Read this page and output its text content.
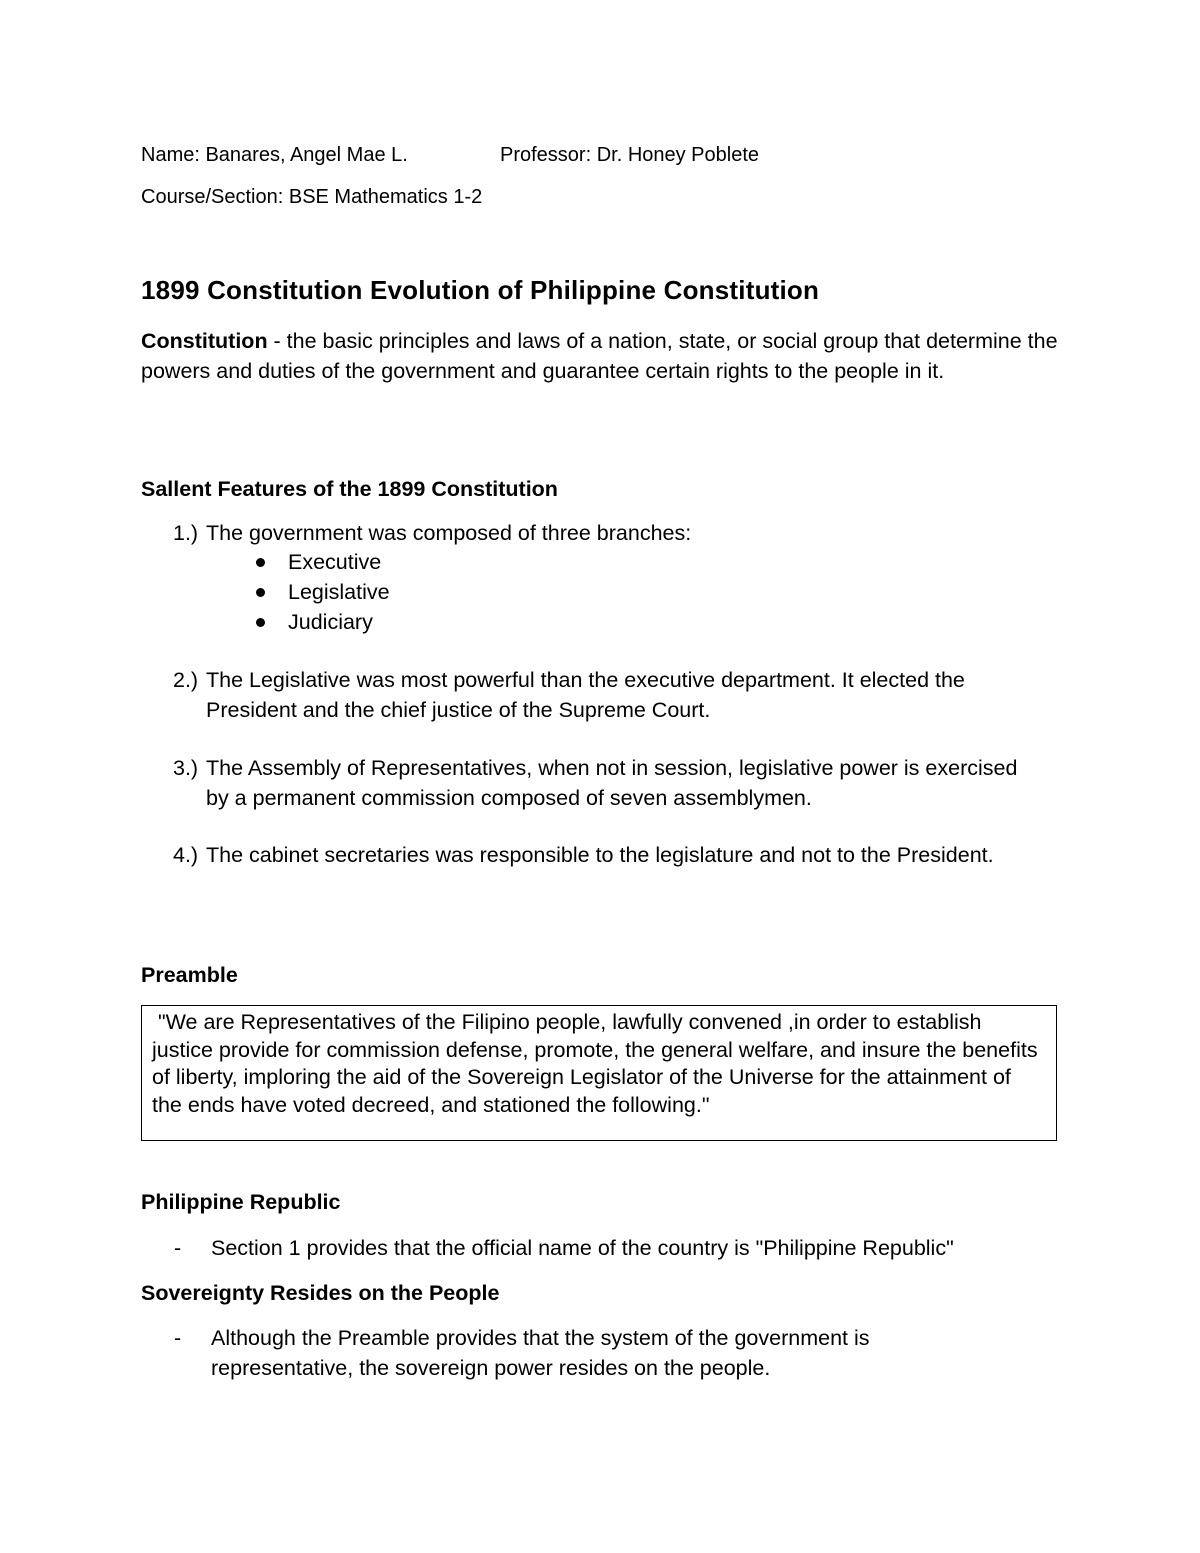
Name: Banares, Angel Mae L.	Professor: Dr. Honey Poblete

Course/Section: BSE Mathematics 1-2

1899 Constitution Evolution of Philippine Constitution

Constitution - the basic principles and laws of a nation, state, or social group that determine the powers and duties of the government and guarantee certain rights to the people in it.

Sallent Features of the 1899 Constitution
1.) The government was composed of three branches:
Executive
Legislative
Judiciary
2.) The Legislative was most powerful than the executive department. It elected the President and the chief justice of the Supreme Court.
3.) The Assembly of Representatives, when not in session, legislative power is exercised by a permanent commission composed of seven assemblymen.
4.) The cabinet secretaries was responsible to the legislature and not to the President.
Preamble
"We are Representatives of the Filipino people, lawfully convened ,in order to establish justice provide for commission defense, promote, the general welfare, and insure the benefits of liberty, imploring the aid of the Sovereign Legislator of the Universe for the attainment of the ends have voted decreed, and stationed the following."
Philippine Republic
- Section 1 provides that the official name of the country is "Philippine Republic"
Sovereignty Resides on the People
- Although the Preamble provides that the system of the government is representative, the sovereign power resides on the people.
